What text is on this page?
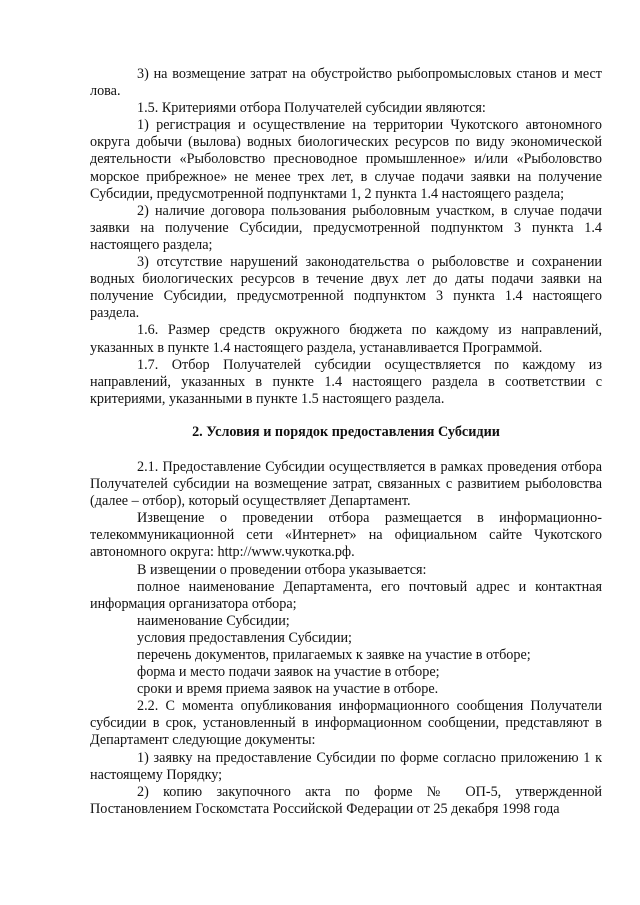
3) на возмещение затрат на обустройство рыбопромысловых станов и мест лова.

1.5. Критериями отбора Получателей субсидии являются:

1) регистрация и осуществление на территории Чукотского автономного округа добычи (вылова) водных биологических ресурсов по виду экономической деятельности «Рыболовство пресноводное промышленное» и/или «Рыболовство морское прибрежное» не менее трех лет, в случае подачи заявки на получение Субсидии, предусмотренной подпунктами 1, 2 пункта 1.4 настоящего раздела;

2) наличие договора пользования рыболовным участком, в случае подачи заявки на получение Субсидии, предусмотренной подпунктом 3 пункта 1.4 настоящего раздела;

3) отсутствие нарушений законодательства о рыболовстве и сохранении водных биологических ресурсов в течение двух лет до даты подачи заявки на получение Субсидии, предусмотренной подпунктом 3 пункта 1.4 настоящего раздела.

1.6. Размер средств окружного бюджета по каждому из направлений, указанных в пункте 1.4 настоящего раздела, устанавливается Программой.

1.7. Отбор Получателей субсидии осуществляется по каждому из направлений, указанных в пункте 1.4 настоящего раздела в соответствии с критериями, указанными в пункте 1.5 настоящего раздела.

2. Условия и порядок предоставления Субсидии

2.1. Предоставление Субсидии осуществляется в рамках проведения отбора Получателей субсидии на возмещение затрат, связанных с развитием рыболовства (далее – отбор), который осуществляет Департамент.

Извещение о проведении отбора размещается в информационно-телекоммуникационной сети «Интернет» на официальном сайте Чукотского автономного округа: http://www.чукотка.рф.

В извещении о проведении отбора указывается:

полное наименование Департамента, его почтовый адрес и контактная информация организатора отбора;

наименование Субсидии;

условия предоставления Субсидии;

перечень документов, прилагаемых к заявке на участие в отборе;

форма и место подачи заявок на участие в отборе;

сроки и время приема заявок на участие в отборе.

2.2. С момента опубликования информационного сообщения Получатели субсидии в срок, установленный в информационном сообщении, представляют в Департамент следующие документы:

1) заявку на предоставление Субсидии по форме согласно приложению 1 к настоящему Порядку;

2) копию закупочного акта по форме № ОП-5, утвержденной Постановлением Госкомстата Российской Федерации от 25 декабря 1998 года
